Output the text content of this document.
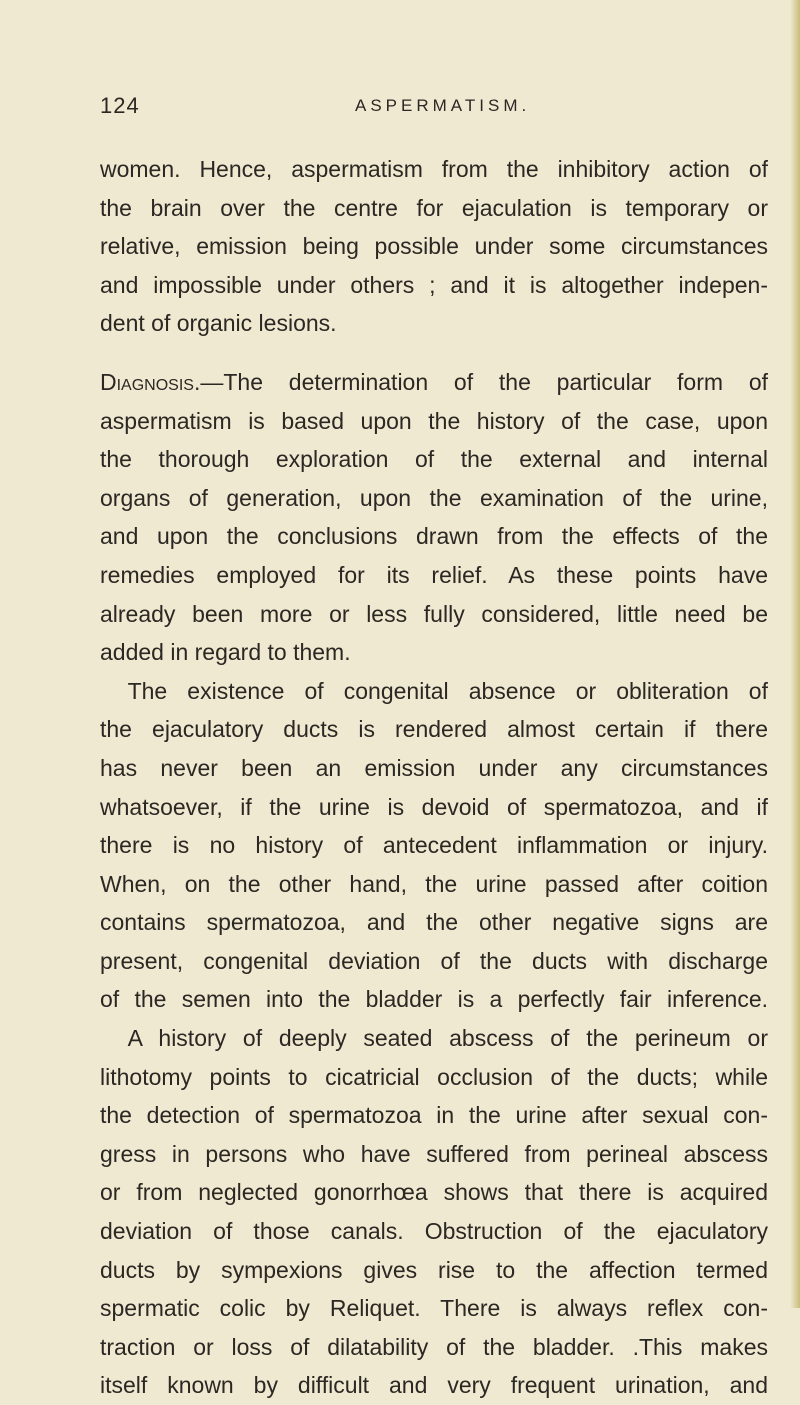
124	ASPERMATISM.
women. Hence, aspermatism from the inhibitory action of
the brain over the centre for ejaculation is temporary or
relative, emission being possible under some circumstances
and impossible under others ; and it is altogether indepen-
dent of organic lesions.
Diagnosis.—The determination of the particular form of
aspermatism is based upon the history of the case, upon
the thorough exploration of the external and internal
organs of generation, upon the examination of the urine,
and upon the conclusions drawn from the effects of the
remedies employed for its relief. As these points have
already been more or less fully considered, little need be
added in regard to them.
The existence of congenital absence or obliteration of
the ejaculatory ducts is rendered almost certain if there
has never been an emission under any circumstances
whatsoever, if the urine is devoid of spermatozoa, and if
there is no history of antecedent inflammation or injury.
When, on the other hand, the urine passed after coition
contains spermatozoa, and the other negative signs are
present, congenital deviation of the ducts with discharge
of the semen into the bladder is a perfectly fair inference.
A history of deeply seated abscess of the perineum or
lithotomy points to cicatricial occlusion of the ducts; while
the detection of spermatozoa in the urine after sexual con-
gress in persons who have suffered from perineal abscess
or from neglected gonorrhœa shows that there is acquired
deviation of those canals. Obstruction of the ejaculatory
ducts by sympexions gives rise to the affection termed
spermatic colic by Reliquet. There is always reflex con-
traction or loss of dilatability of the bladder. .This makes
itself known by difficult and very frequent urination, and
